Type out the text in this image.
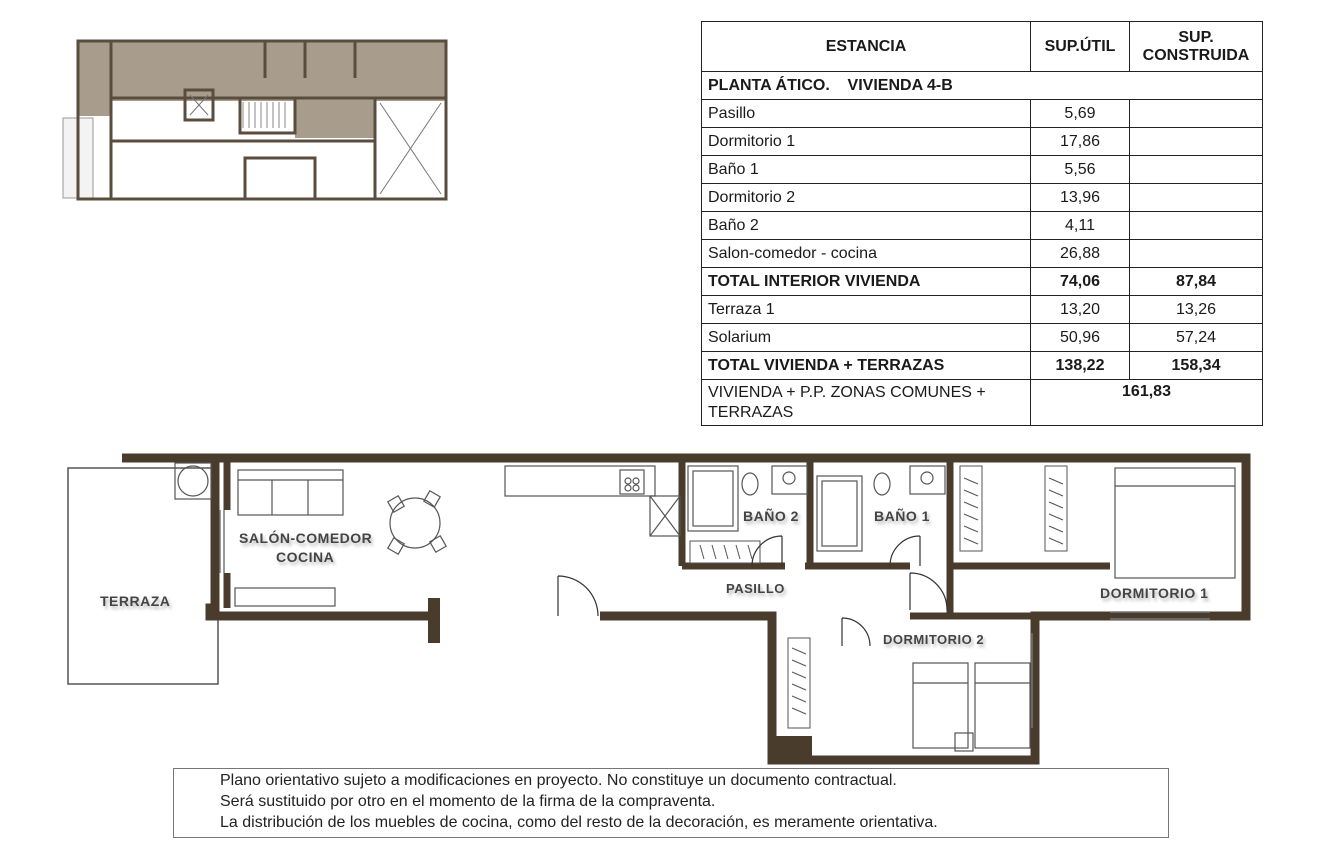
ESTANCIA	SUP.ÚTIL	SUP. CONSTRUIDA
PLANTA ÁTICO.    VIVIENDA 4-B		
Pasillo	5,69	
Dormitorio 1	17,86	
Baño 1	5,56	
Dormitorio 2	13,96	
Baño 2	4,11	
Salon-comedor - cocina	26,88	
TOTAL INTERIOR VIVIENDA	74,06	87,84
Terraza 1	13,20	13,26
Solarium	50,96	57,24
TOTAL VIVIENDA + TERRAZAS	138,22	158,34
VIVIENDA + P.P. ZONAS COMUNES + TERRAZAS	161,83	
TERRAZA
SALÓN-COMEDOR
COCINA
BAÑO 2	BAÑO 1
PASILLO	DORMITORIO 1
DORMITORIO 2
Plano orientativo sujeto a modificaciones en proyecto. No constituye un documento contractual.
Será sustituido por otro en el momento de la firma de la compraventa.
La distribución de los muebles de cocina, como del resto de la decoración, es meramente orientativa.
